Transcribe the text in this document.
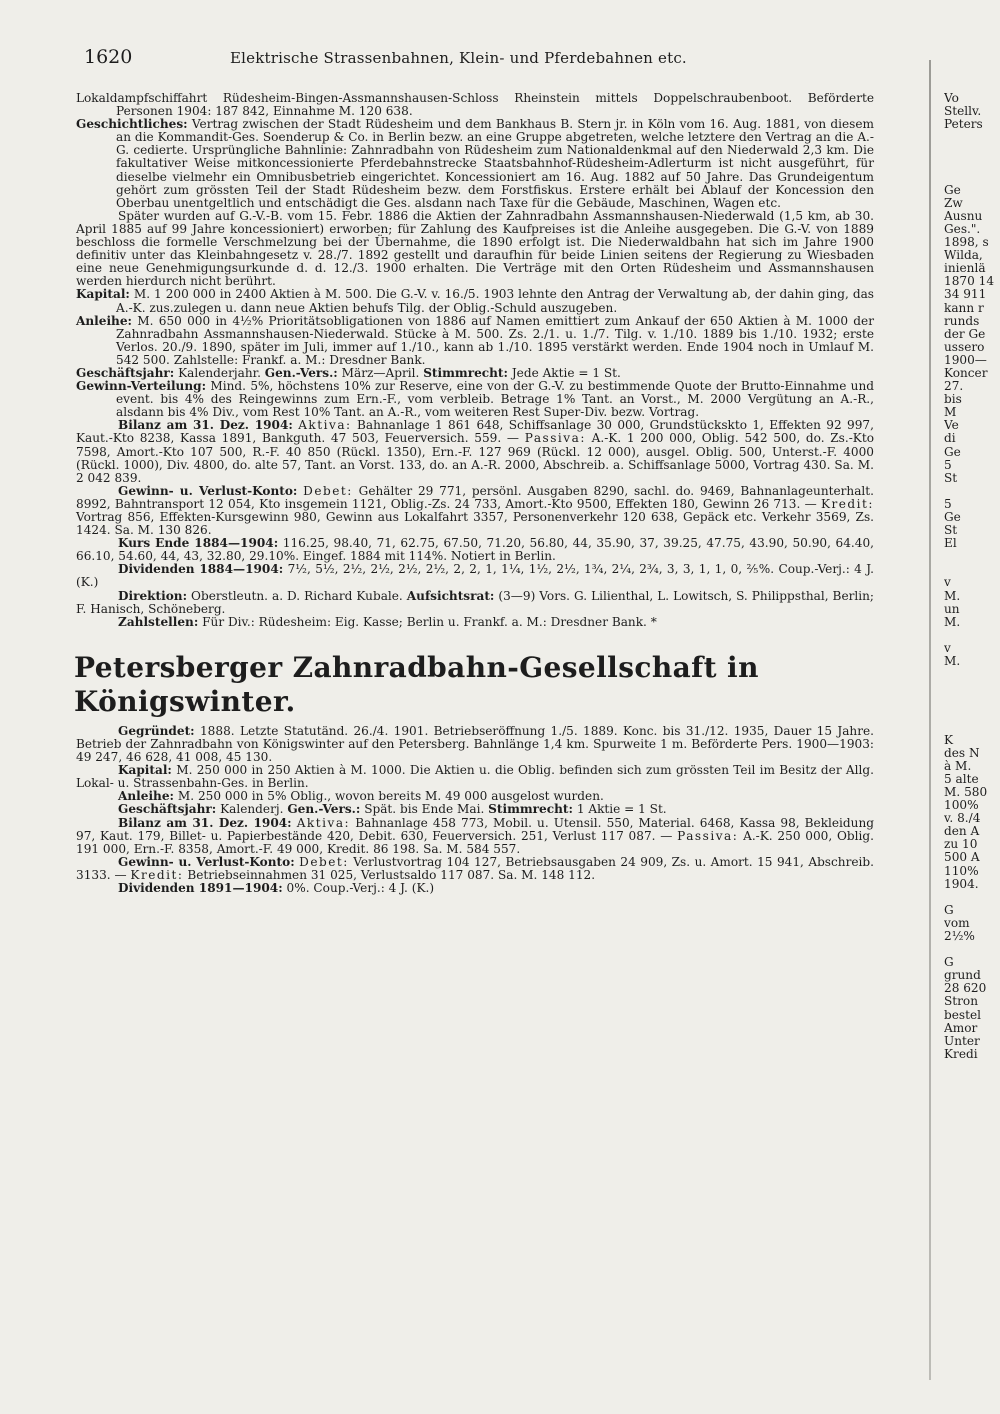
1620	Elektrische Strassenbahnen, Klein- und Pferdebahnen etc.

Lokaldampfschiffahrt Rüdesheim-Bingen-Assmannshausen-Schloss Rheinstein mittels Doppelschraubenboot. Beförderte Personen 1904: 187 842, Einnahme M. 120 638.

Geschichtliches: Vertrag zwischen der Stadt Rüdesheim und dem Bankhaus B. Stern jr. in Köln vom 16. Aug. 1881, von diesem an die Kommandit-Ges. Soenderup & Co. in Berlin bezw. an eine Gruppe abgetreten, welche letztere den Vertrag an die A.-G. cedierte. Ursprüngliche Bahnlinie: Zahnradbahn von Rüdesheim zum Nationaldenkmal auf den Niederwald 2,3 km. Die fakultativer Weise mitkoncessionierte Pferdebahnstrecke Staatsbahnhof-Rüdesheim-Adlerturm ist nicht ausgeführt, für dieselbe vielmehr ein Omnibusbetrieb eingerichtet. Koncessioniert am 16. Aug. 1882 auf 50 Jahre. Das Grundeigentum gehört zum grössten Teil der Stadt Rüdesheim bezw. dem Forstfiskus. Erstere erhält bei Ablauf der Koncession den Oberbau unentgeltlich und entschädigt die Ges. alsdann nach Taxe für die Gebäude, Maschinen, Wagen etc.

Später wurden auf G.-V.-B. vom 15. Febr. 1886 die Aktien der Zahnradbahn Assmannshausen-Niederwald (1,5 km, ab 30. April 1885 auf 99 Jahre koncessioniert) erworben; für Zahlung des Kaufpreises ist die Anleihe ausgegeben. Die G.-V. von 1889 beschloss die formelle Verschmelzung bei der Übernahme, die 1890 erfolgt ist. Die Niederwaldbahn hat sich im Jahre 1900 definitiv unter das Kleinbahngesetz v. 28./7. 1892 gestellt und daraufhin für beide Linien seitens der Regierung zu Wiesbaden eine neue Genehmigungsurkunde d. d. 12./3. 1900 erhalten. Die Verträge mit den Orten Rüdesheim und Assmannshausen werden hierdurch nicht berührt.

Kapital: M. 1 200 000 in 2400 Aktien à M. 500. Die G.-V. v. 16./5. 1903 lehnte den Antrag der Verwaltung ab, der dahin ging, das A.-K. zus.zulegen u. dann neue Aktien behufs Tilg. der Oblig.-Schuld auszugeben.

Anleihe: M. 650 000 in 4½% Prioritätsobligationen von 1886 auf Namen emittiert zum Ankauf der 650 Aktien à M. 1000 der Zahnradbahn Assmannshausen-Niederwald. Stücke à M. 500. Zs. 2./1. u. 1./7. Tilg. v. 1./10. 1889 bis 1./10. 1932; erste Verlos. 20./9. 1890, später im Juli, immer auf 1./10., kann ab 1./10. 1895 verstärkt werden. Ende 1904 noch in Umlauf M. 542 500. Zahlstelle: Frankf. a. M.: Dresdner Bank.

Geschäftsjahr: Kalenderjahr. Gen.-Vers.: März—April. Stimmrecht: Jede Aktie = 1 St.

Gewinn-Verteilung: Mind. 5%, höchstens 10% zur Reserve, eine von der G.-V. zu bestimmende Quote der Brutto-Einnahme und event. bis 4% des Reingewinns zum Ern.-F., vom verbleib. Betrage 1% Tant. an Vorst., M. 2000 Vergütung an A.-R., alsdann bis 4% Div., vom Rest 10% Tant. an A.-R., vom weiteren Rest Super-Div. bezw. Vortrag.

Bilanz am 31. Dez. 1904: Aktiva: Bahnanlage 1 861 648, Schiffsanlage 30 000, Grundstückskto 1, Effekten 92 997, Kaut.-Kto 8238, Kassa 1891, Bankguth. 47 503, Feuerversich. 559. — Passiva: A.-K. 1 200 000, Oblig. 542 500, do. Zs.-Kto 7598, Amort.-Kto 107 500, R.-F. 40 850 (Rückl. 1350), Ern.-F. 127 969 (Rückl. 12 000), ausgel. Oblig. 500, Unterst.-F. 4000 (Rückl. 1000), Div. 4800, do. alte 57, Tant. an Vorst. 133, do. an A.-R. 2000, Abschreib. a. Schiffsanlage 5000, Vortrag 430. Sa. M. 2 042 839.

Gewinn- u. Verlust-Konto: Debet: Gehälter 29 771, persönl. Ausgaben 8290, sachl. do. 9469, Bahnanlageunterhalt. 8992, Bahntransport 12 054, Kto insgemein 1121, Oblig.-Zs. 24 733, Amort.-Kto 9500, Effekten 180, Gewinn 26 713. — Kredit: Vortrag 856, Effekten-Kursgewinn 980, Gewinn aus Lokalfahrt 3357, Personenverkehr 120 638, Gepäck etc. Verkehr 3569, Zs. 1424. Sa. M. 130 826.

Kurs Ende 1884—1904: 116.25, 98.40, 71, 62.75, 67.50, 71.20, 56.80, 44, 35.90, 37, 39.25, 47.75, 43.90, 50.90, 64.40, 66.10, 54.60, 44, 43, 32.80, 29.10%. Eingef. 1884 mit 114%. Notiert in Berlin.

Dividenden 1884—1904: 7½, 5½, 2½, 2½, 2½, 2½, 2, 2, 1, 1¼, 1½, 2½, 1¾, 2¼, 2¾, 3, 3, 1, 1, 0, ⅖%. Coup.-Verj.: 4 J. (K.)

Direktion: Oberstleutn. a. D. Richard Kubale. Aufsichtsrat: (3—9) Vors. G. Lilienthal, L. Lowitsch, S. Philippsthal, Berlin; F. Hanisch, Schöneberg.

Zahlstellen: Für Div.: Rüdesheim: Eig. Kasse; Berlin u. Frankf. a. M.: Dresdner Bank. *

Petersberger Zahnradbahn-Gesellschaft in Königswinter.

Gegründet: 1888. Letzte Statutänd. 26./4. 1901. Betriebseröffnung 1./5. 1889. Konc. bis 31./12. 1935, Dauer 15 Jahre. Betrieb der Zahnradbahn von Königswinter auf den Petersberg. Bahnlänge 1,4 km. Spurweite 1 m. Beförderte Pers. 1900—1903: 49 247, 46 628, 41 008, 45 130.

Kapital: M. 250 000 in 250 Aktien à M. 1000. Die Aktien u. die Oblig. befinden sich zum grössten Teil im Besitz der Allg. Lokal- u. Strassenbahn-Ges. in Berlin.

Anleihe: M. 250 000 in 5% Oblig., wovon bereits M. 49 000 ausgelost wurden.

Geschäftsjahr: Kalenderj. Gen.-Vers.: Spät. bis Ende Mai. Stimmrecht: 1 Aktie = 1 St.

Bilanz am 31. Dez. 1904: Aktiva: Bahnanlage 458 773, Mobil. u. Utensil. 550, Material. 6468, Kassa 98, Bekleidung 97, Kaut. 179, Billet- u. Papierbestände 420, Debit. 630, Feuerversich. 251, Verlust 117 087. — Passiva: A.-K. 250 000, Oblig. 191 000, Ern.-F. 8358, Amort.-F. 49 000, Kredit. 86 198. Sa. M. 584 557.

Gewinn- u. Verlust-Konto: Debet: Verlustvortrag 104 127, Betriebsausgaben 24 909, Zs. u. Amort. 15 941, Abschreib. 3133. — Kredit: Betriebseinnahmen 31 025, Verlustsaldo 117 087. Sa. M. 148 112.

Dividenden 1891—1904: 0%. Coup.-Verj.: 4 J. (K.)

Vo
Stellv.
Peters
Ge
Zw
Ausnu
Ges.".
1898, s
Wilda,
inienlä
1870 14
34 911
kann r
runds
der Ge
ussero
1900—
Koncer
27.
bis
M
Ve
di
Ge
5
St
5
Ge
St
El
v
M.
un
M.
v
M.
K
des N
à M.
5 alte
M. 580
100%
v. 8./4
den A
zu 10
500 A
110%
1904.
G
vom
2½%
G
grund
28 620
Stron
bestel
Amor
Unter
Kredi
